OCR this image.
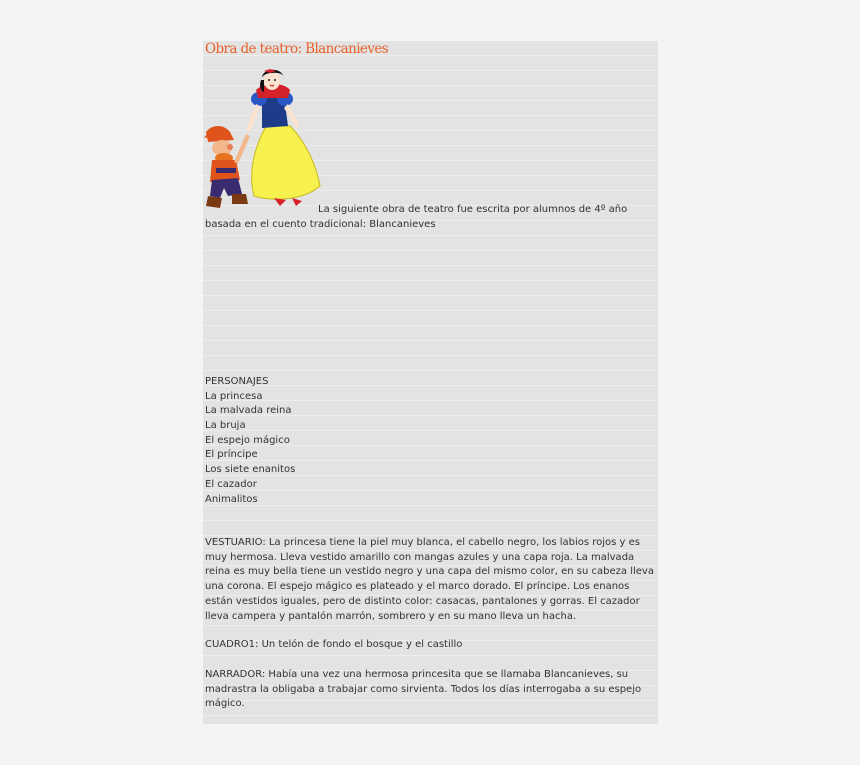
Obra de teatro: Blancanieves
La siguiente obra de teatro fue escrita por alumnos de 4º año
basada en el cuento tradicional: Blancanieves
PERSONAJES
La princesa
La malvada reina
La bruja
El espejo mágico
El príncipe
Los siete enanitos
El cazador
Animalitos
VESTUARIO: La princesa tiene la piel muy blanca, el cabello negro, los labios rojos y es muy hermosa. Lleva vestido amarillo con mangas azules y una capa roja. La malvada reina es muy bella tiene un vestido negro y una capa del mismo color, en su cabeza lleva una corona. El espejo mágico es plateado y el marco dorado. El príncipe. Los enanos están vestidos iguales, pero de distinto color: casacas, pantalones y gorras. El cazador lleva campera y pantalón marrón, sombrero y en su mano lleva un hacha.
CUADRO1: Un telón de fondo el bosque y el castillo
NARRADOR: Había una vez una hermosa princesita que se llamaba Blancanieves, su madrastra la obligaba a trabajar como sirvienta. Todos los días interrogaba a su espejo mágico.
